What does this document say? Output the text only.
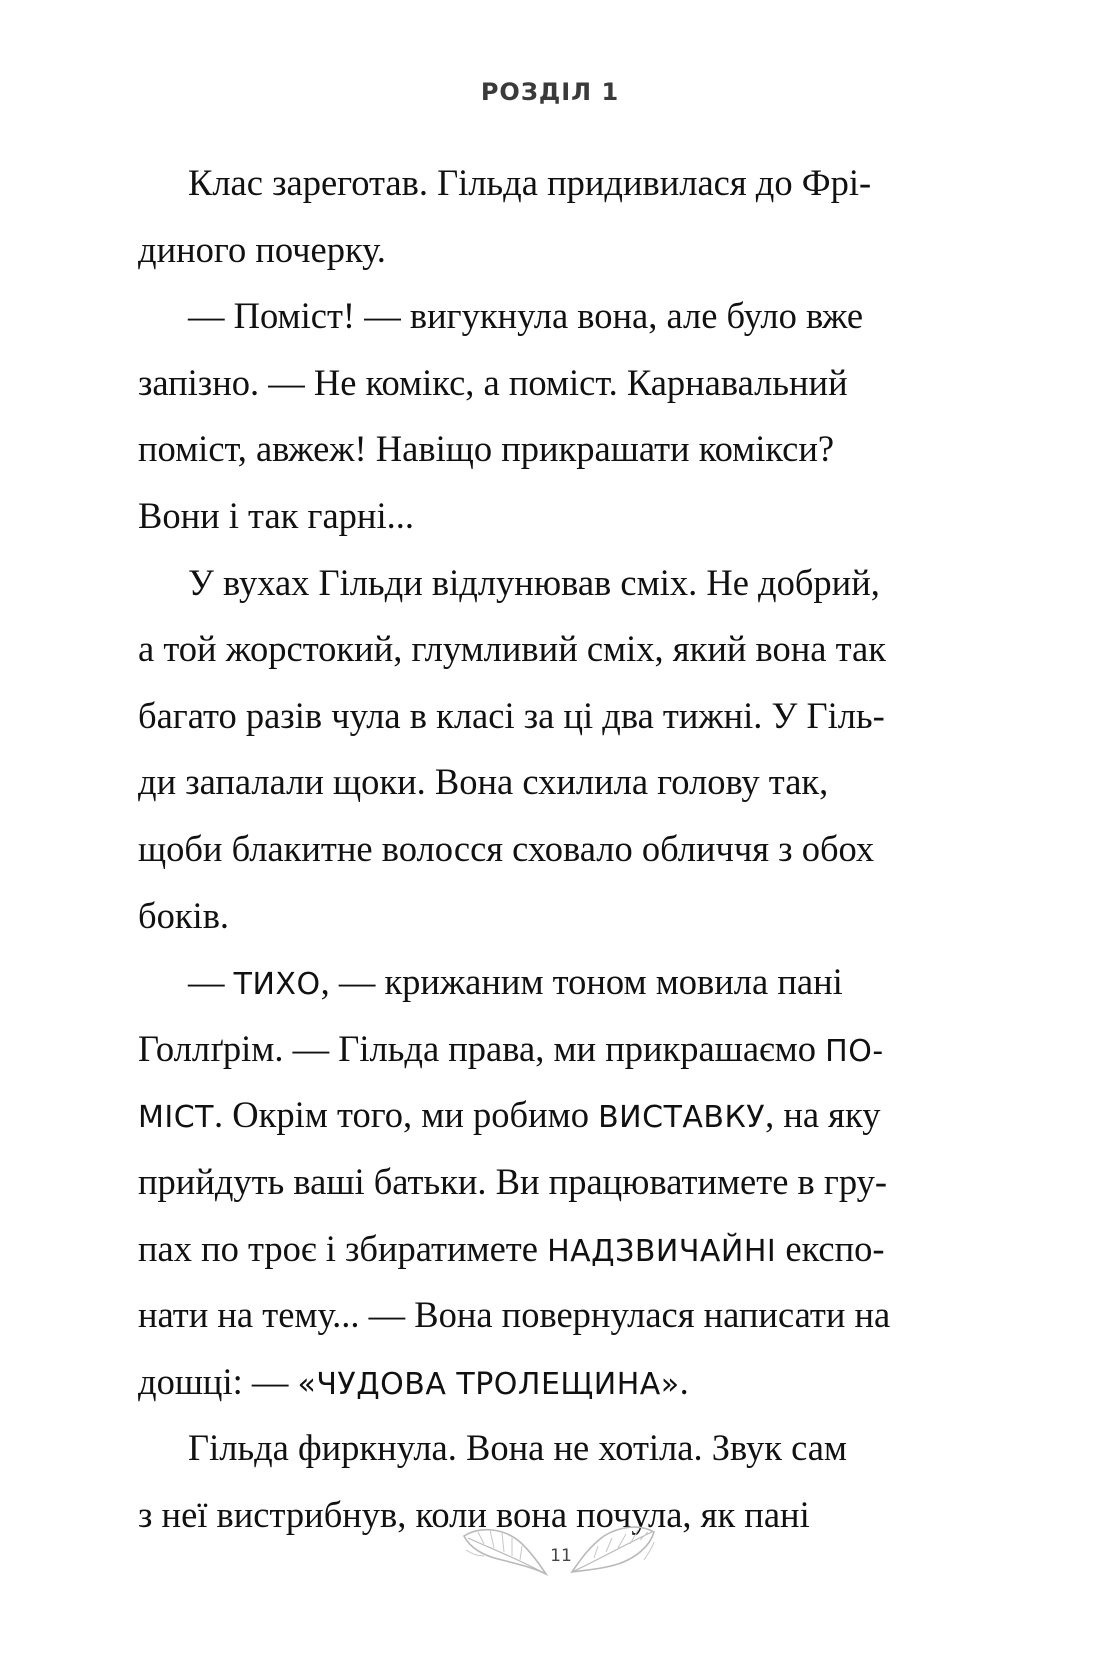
РОЗДІЛ 1
Клас зареготав. Гільда придивилася до Фрі-
диного почерку.
— Поміст! — вигукнула вона, але було вже
запізно. — Не комікс, а поміст. Карнавальний
поміст, авжеж! Навіщо прикрашати комікси?
Вони і так гарні...
У вухах Гільди відлунював сміх. Не добрий,
а той жорстокий, глумливий сміх, який вона так
багато разів чула в класі за ці два тижні. У Гіль-
ди запалали щоки. Вона схилила голову так,
щоби блакитне волосся сховало обличчя з обох
боків.
— ТИХО, — крижаним тоном мовила пані
Голлґрім. — Гільда права, ми прикрашаємо ПО-
МІСТ. Окрім того, ми робимо ВИСТАВКУ, на яку
прийдуть ваші батьки. Ви працюватимете в гру-
пах по троє і збиратимете НАДЗВИЧАЙНІ експо-
нати на тему... — Вона повернулася написати на
дошці: — «ЧУДОВА ТРОЛЕЩИНА».
Гільда фиркнула. Вона не хотіла. Звук сам
з неї вистрибнув, коли вона почула, як пані
11
